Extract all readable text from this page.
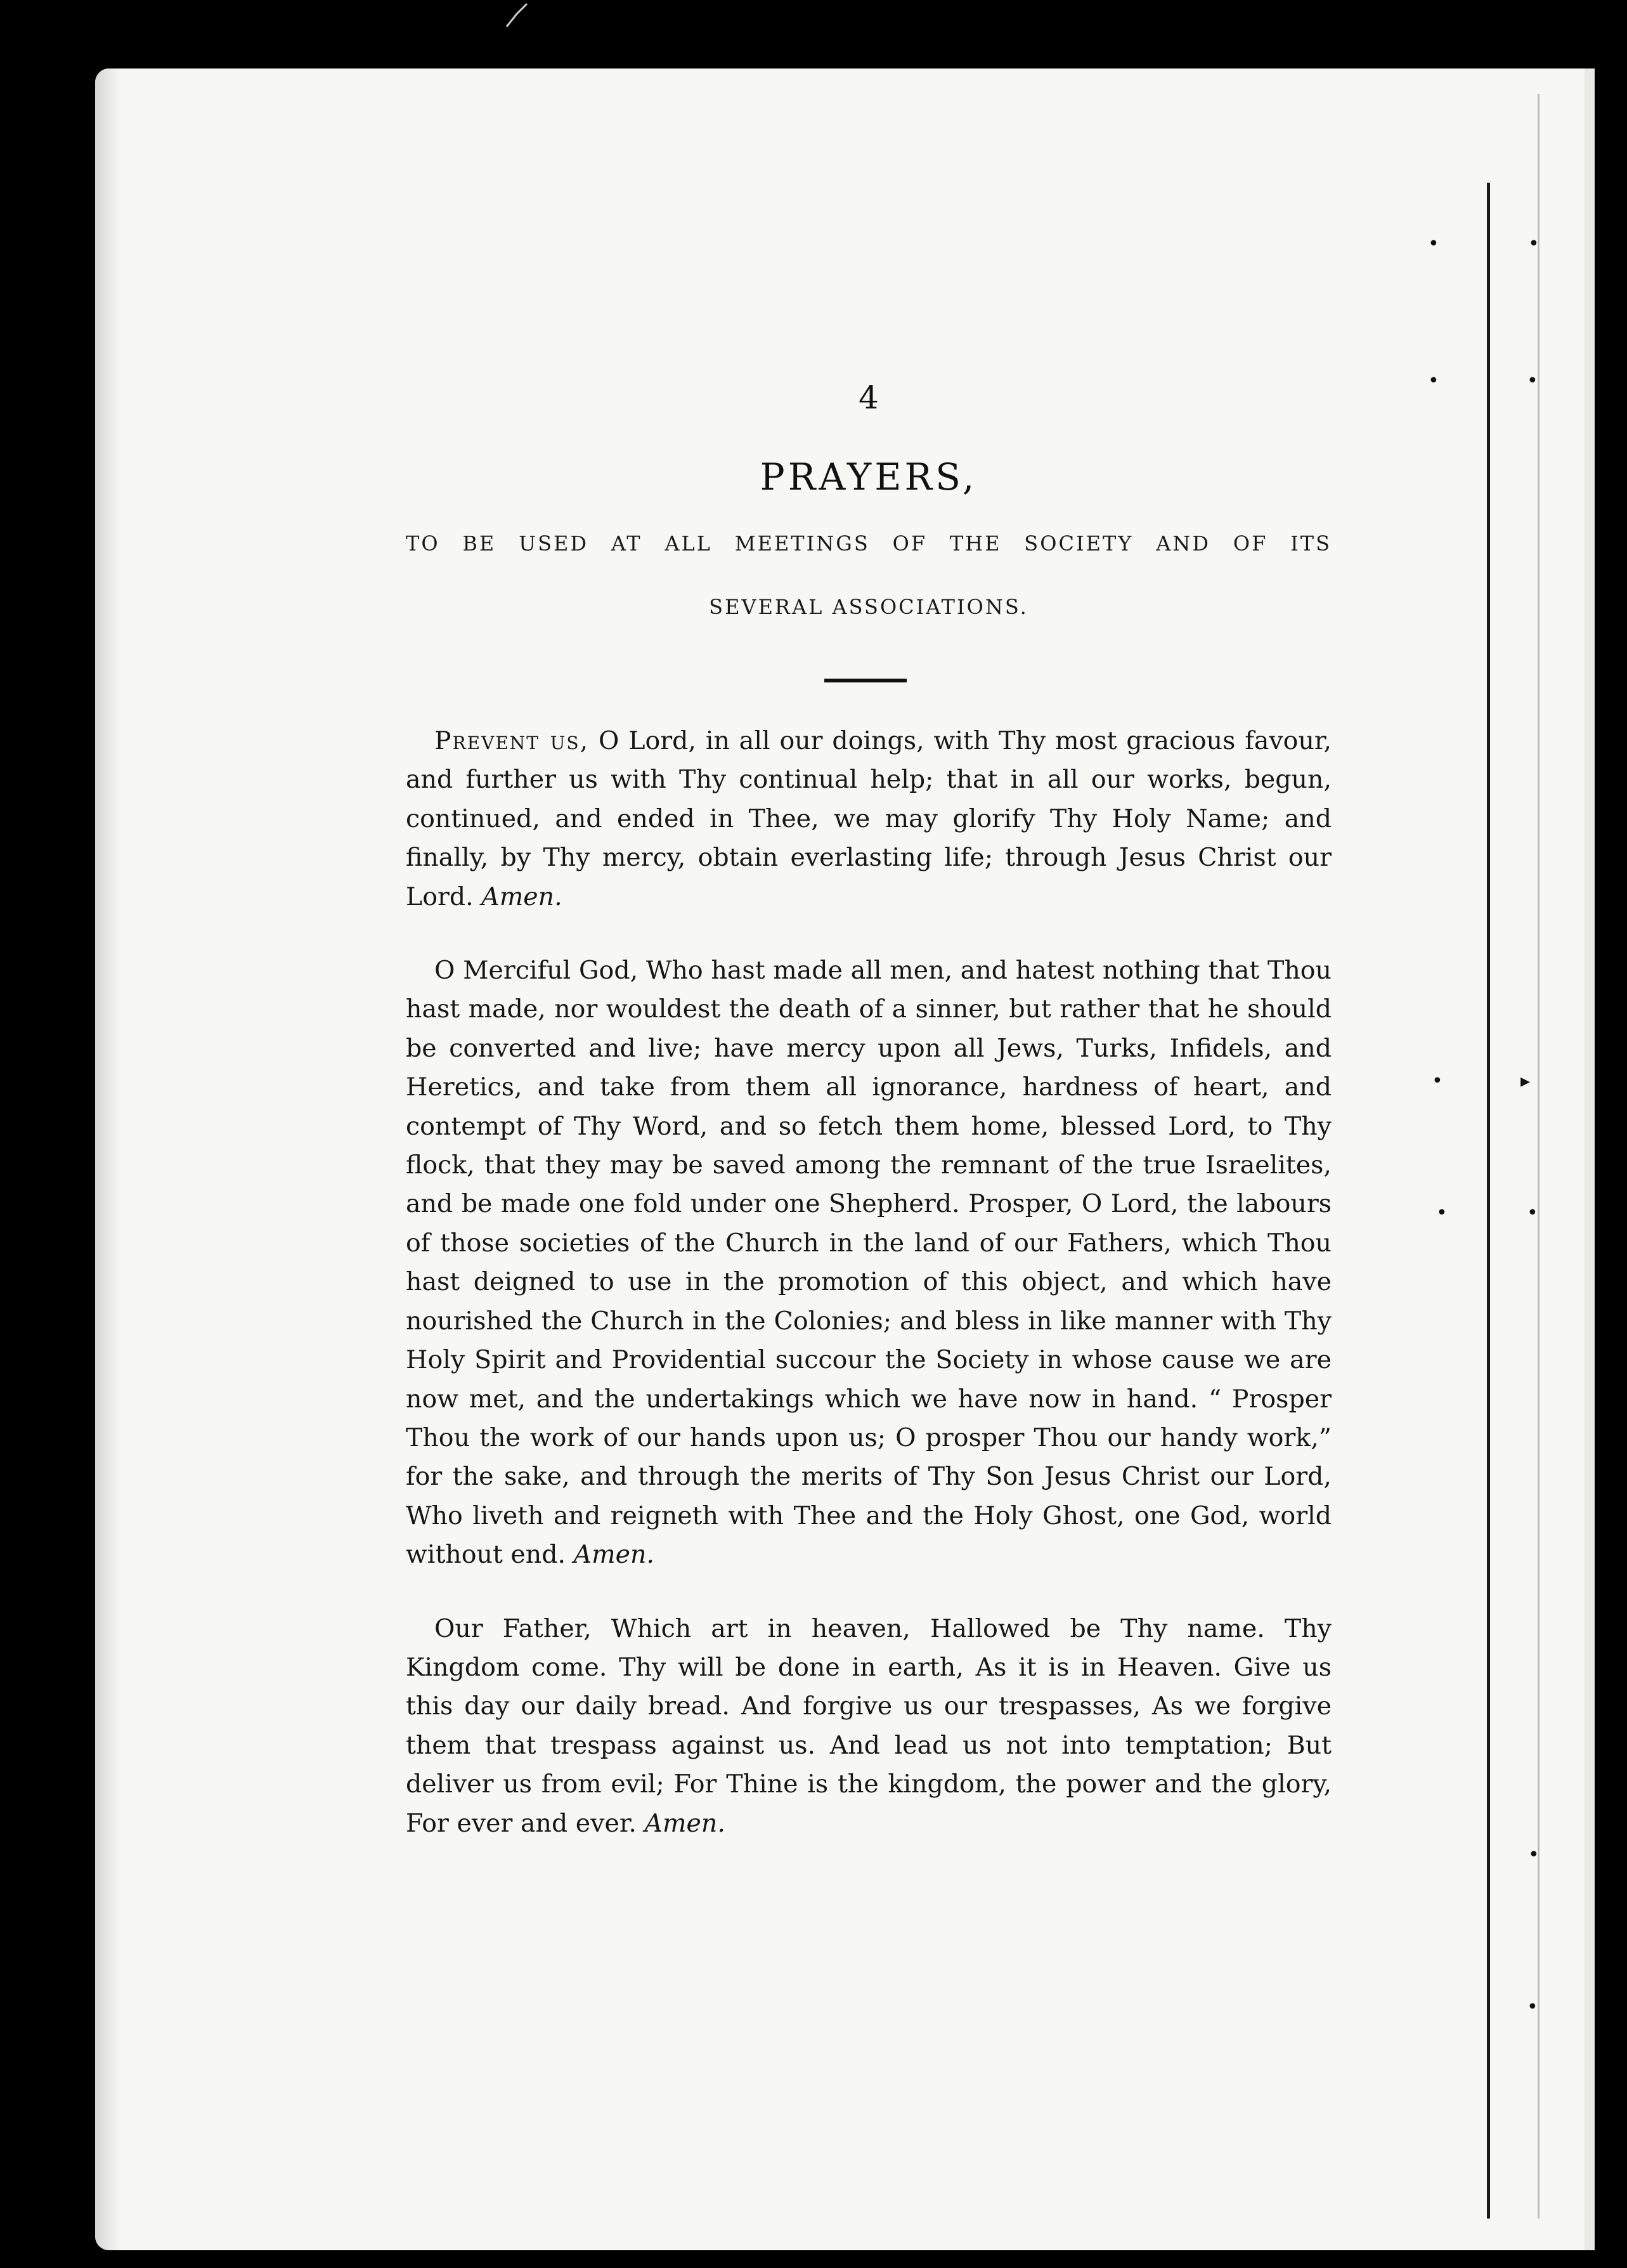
•	•
•	•
•	▸
•	•
•
•
4
PRAYERS,
TO BE USED AT ALL MEETINGS OF THE SOCIETY AND OF ITS
SEVERAL ASSOCIATIONS.

Prevent us, O Lord, in all our doings, with Thy most gracious favour, and further us with Thy continual help; that in all our works, begun, continued, and ended in Thee, we may glorify Thy Holy Name; and finally, by Thy mercy, obtain everlasting life; through Jesus Christ our Lord. Amen.

O Merciful God, Who hast made all men, and hatest nothing that Thou hast made, nor wouldest the death of a sinner, but rather that he should be converted and live; have mercy upon all Jews, Turks, Infidels, and Heretics, and take from them all ignorance, hardness of heart, and contempt of Thy Word, and so fetch them home, blessed Lord, to Thy flock, that they may be saved among the remnant of the true Israelites, and be made one fold under one Shepherd. Prosper, O Lord, the labours of those societies of the Church in the land of our Fathers, which Thou hast deigned to use in the promotion of this object, and which have nourished the Church in the Colonies; and bless in like manner with Thy Holy Spirit and Providential succour the Society in whose cause we are now met, and the undertakings which we have now in hand. “ Prosper Thou the work of our hands upon us; O prosper Thou our handy work,” for the sake, and through the merits of Thy Son Jesus Christ our Lord, Who liveth and reigneth with Thee and the Holy Ghost, one God, world without end. Amen.

Our Father, Which art in heaven, Hallowed be Thy name. Thy Kingdom come. Thy will be done in earth, As it is in Heaven. Give us this day our daily bread. And forgive us our trespasses, As we forgive them that trespass against us. And lead us not into temptation; But deliver us from evil; For Thine is the kingdom, the power and the glory, For ever and ever. Amen.
